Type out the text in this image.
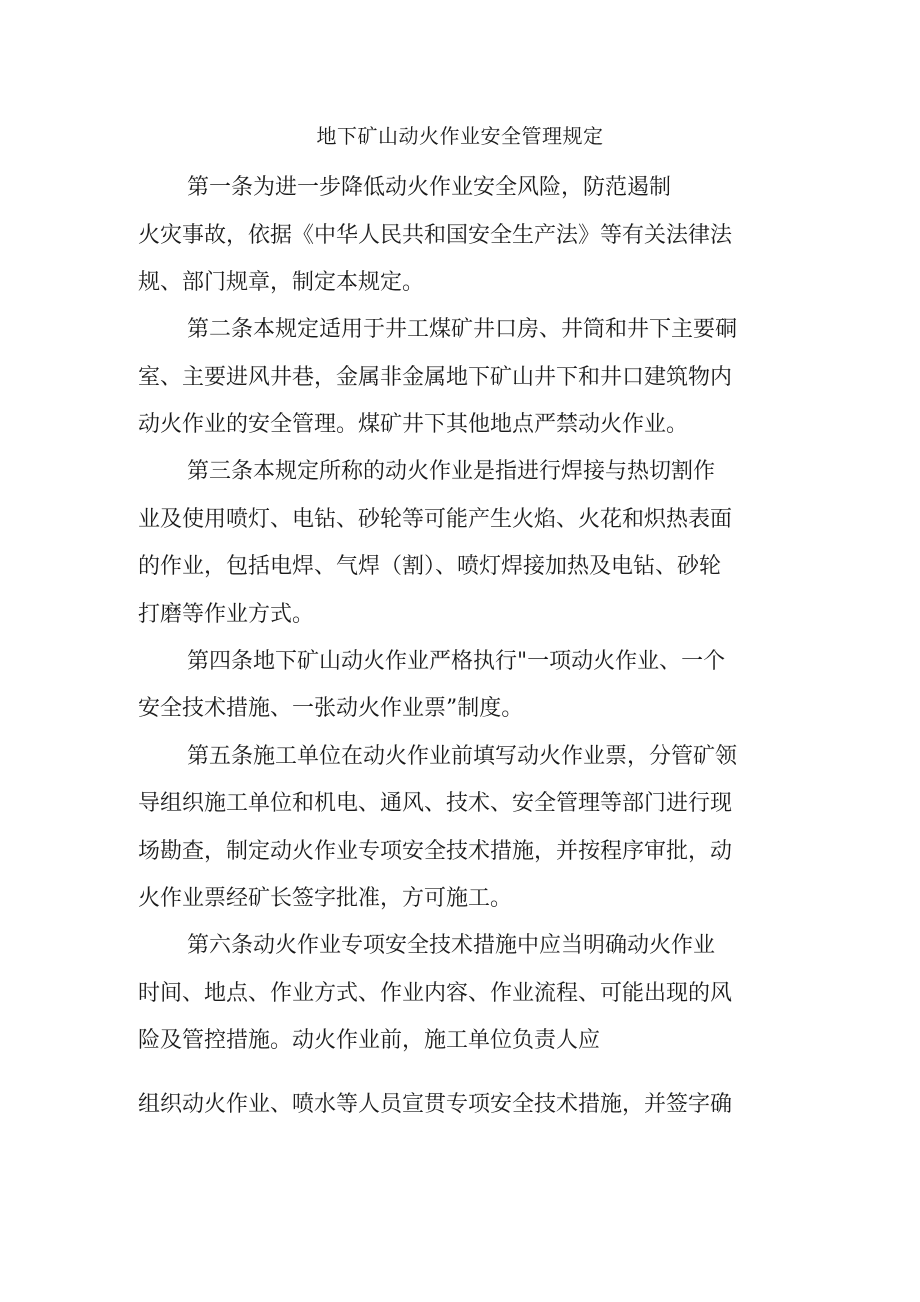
地下矿山动火作业安全管理规定
第一条为进一步降低动火作业安全风险，防范遏制
火灾事故，依据《中华人民共和国安全生产法》等有关法律法
规、部门规章，制定本规定。
第二条本规定适用于井工煤矿井口房、井筒和井下主要硐
室、主要进风井巷，金属非金属地下矿山井下和井口建筑物内
动火作业的安全管理。煤矿井下其他地点严禁动火作业。
第三条本规定所称的动火作业是指进行焊接与热切割作
业及使用喷灯、电钻、砂轮等可能产生火焰、火花和炽热表面
的作业，包括电焊、气焊（割）、喷灯焊接加热及电钻、砂轮
打磨等作业方式。
第四条地下矿山动火作业严格执行"一项动火作业、一个
安全技术措施、一张动火作业票”制度。
第五条施工单位在动火作业前填写动火作业票，分管矿领
导组织施工单位和机电、通风、技术、安全管理等部门进行现
场勘查，制定动火作业专项安全技术措施，并按程序审批，动
火作业票经矿长签字批准，方可施工。
第六条动火作业专项安全技术措施中应当明确动火作业
时间、地点、作业方式、作业内容、作业流程、可能出现的风
险及管控措施。动火作业前，施工单位负责人应
组织动火作业、喷水等人员宣贯专项安全技术措施，并签字确
